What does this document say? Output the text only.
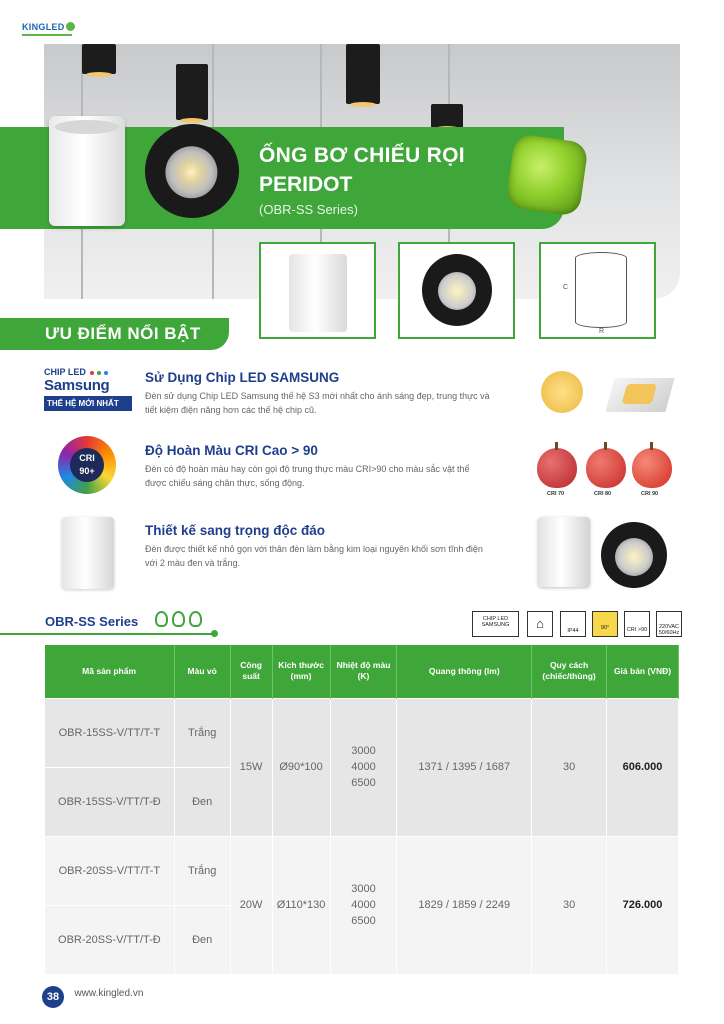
KINGLED
ỐNG BƠ CHIẾU RỌI
PERIDOT
(OBR-SS Series)
C
R
ƯU ĐIỂM NỔI BẬT
CHIP LED
Samsung
THẾ HỆ MỚI NHẤT
Sử Dụng Chip LED SAMSUNG
Đèn sử dụng Chip LED Samsung thế hệ S3 mới nhất cho ánh sáng đẹp, trung thực và tiết kiệm điện năng hơn các thế hệ chip cũ.
CRI
90+
Độ Hoàn Màu CRI Cao > 90
Đèn có độ hoàn màu hay còn gọi độ trung thực màu CRI>90 cho màu sắc vật thể được chiếu sáng chân thực, sống động.
CRI 70	CRI 80	CRI 90
Thiết kế sang trọng độc đáo
Đèn được thiết kế nhỏ gọn với thân đèn làm bằng kim loại nguyên khối sơn tĩnh điện với 2 màu đen và trắng.
OBR-SS Series	CHIP LED SAMSUNG	⌂	IP44	90°	CRI >90	220VAC 50/60Hz
Mã sản phẩm	Màu vỏ	Công suất	Kích thước (mm)	Nhiệt độ màu (K)	Quang thông (lm)	Quy cách (chiếc/thùng)	Giá bán (VNĐ)
OBR-15SS-V/TT/T-T	Trắng	15W	Ø90*100	3000
4000
6500	1371 / 1395 / 1687	30	606.000
OBR-15SS-V/TT/T-Đ	Đen						
OBR-20SS-V/TT/T-T	Trắng	20W	Ø110*130	3000
4000
6500	1829 / 1859 / 2249	30	726.000
OBR-20SS-V/TT/T-Đ	Đen						
38 www.kingled.vn
